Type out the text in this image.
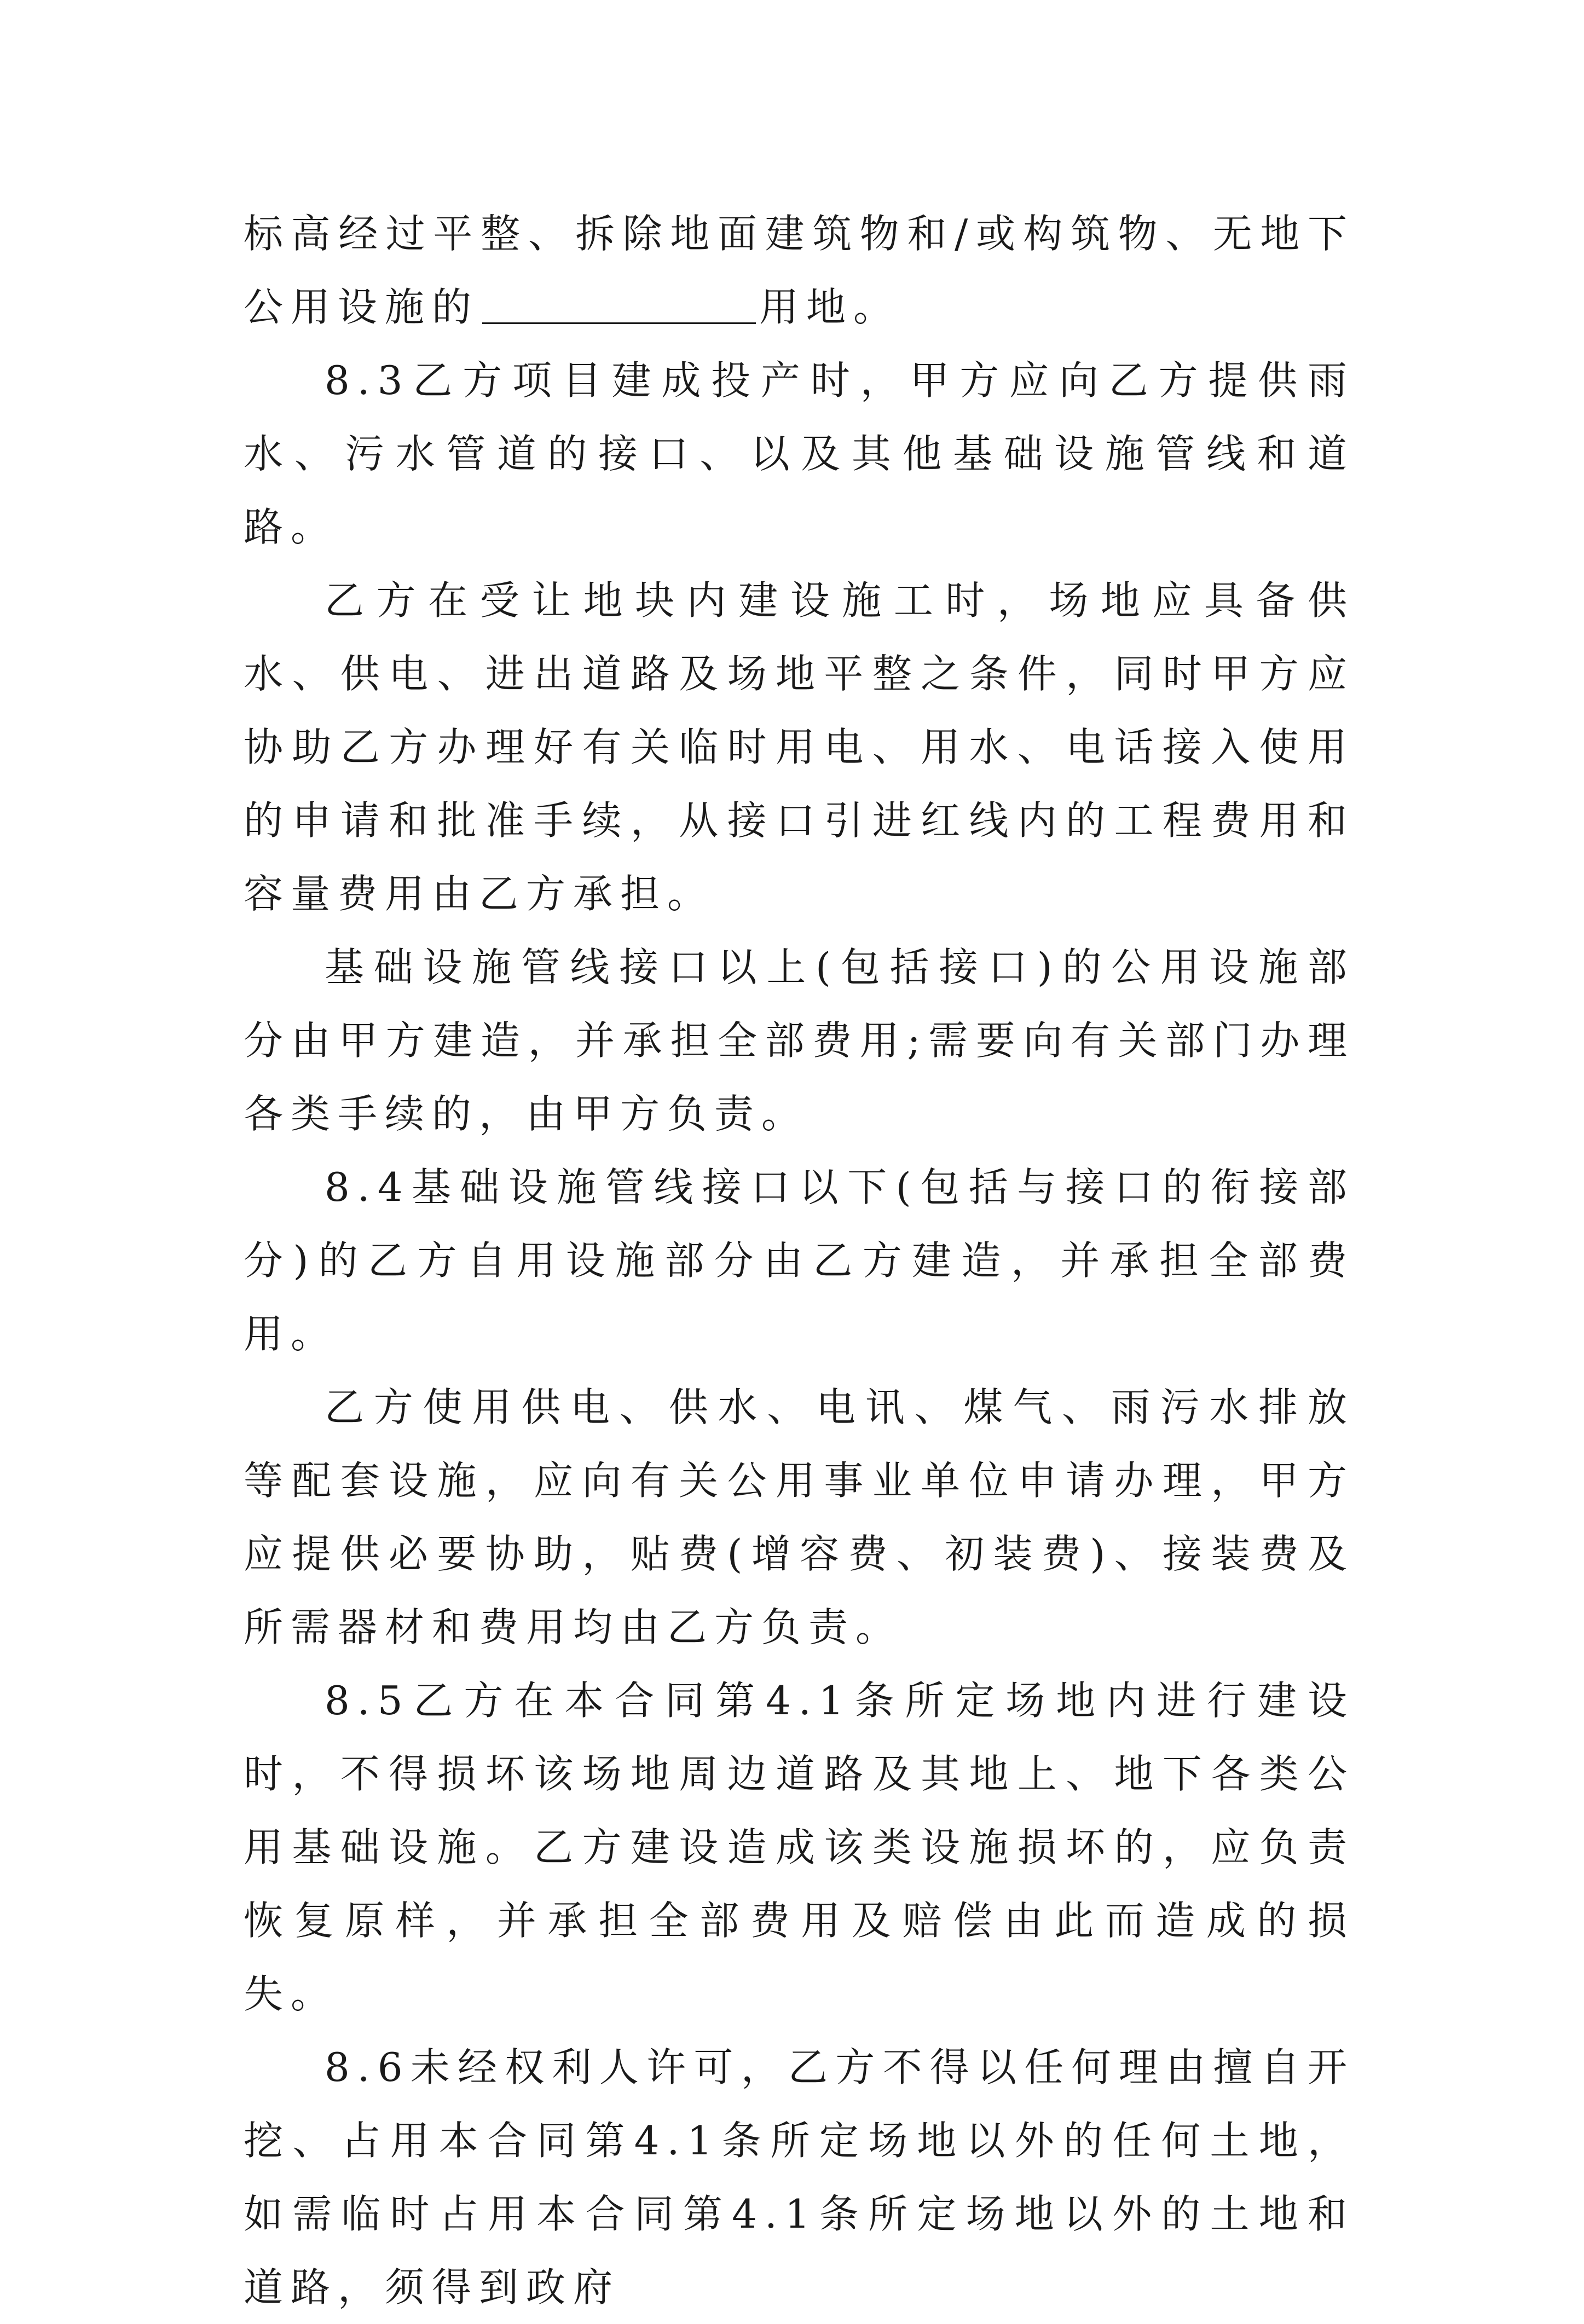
标高经过平整、拆除地面建筑物和/或构筑物、无地下公用设施的	用地。

8.3乙方项目建成投产时，甲方应向乙方提供雨水、污水管道的接口、以及其他基础设施管线和道路。

乙方在受让地块内建设施工时，场地应具备供水、供电、进出道路及场地平整之条件，同时甲方应协助乙方办理好有关临时用电、用水、电话接入使用的申请和批准手续，从接口引进红线内的工程费用和容量费用由乙方承担。

基础设施管线接口以上(包括接口)的公用设施部分由甲方建造，并承担全部费用;需要向有关部门办理各类手续的，由甲方负责。

8.4基础设施管线接口以下(包括与接口的衔接部分)的乙方自用设施部分由乙方建造，并承担全部费用。

乙方使用供电、供水、电讯、煤气、雨污水排放等配套设施，应向有关公用事业单位申请办理，甲方应提供必要协助，贴费(增容费、初装费)、接装费及所需器材和费用均由乙方负责。

8.5乙方在本合同第4.1条所定场地内进行建设时，不得损坏该场地周边道路及其地上、地下各类公用基础设施。乙方建设造成该类设施损坏的，应负责恢复原样，并承担全部费用及赔偿由此而造成的损失。

8.6未经权利人许可，乙方不得以任何理由擅自开挖、占用本合同第4.1条所定场地以外的任何土地，如需临时占用本合同第4.1条所定场地以外的土地和道路，须得到政府
